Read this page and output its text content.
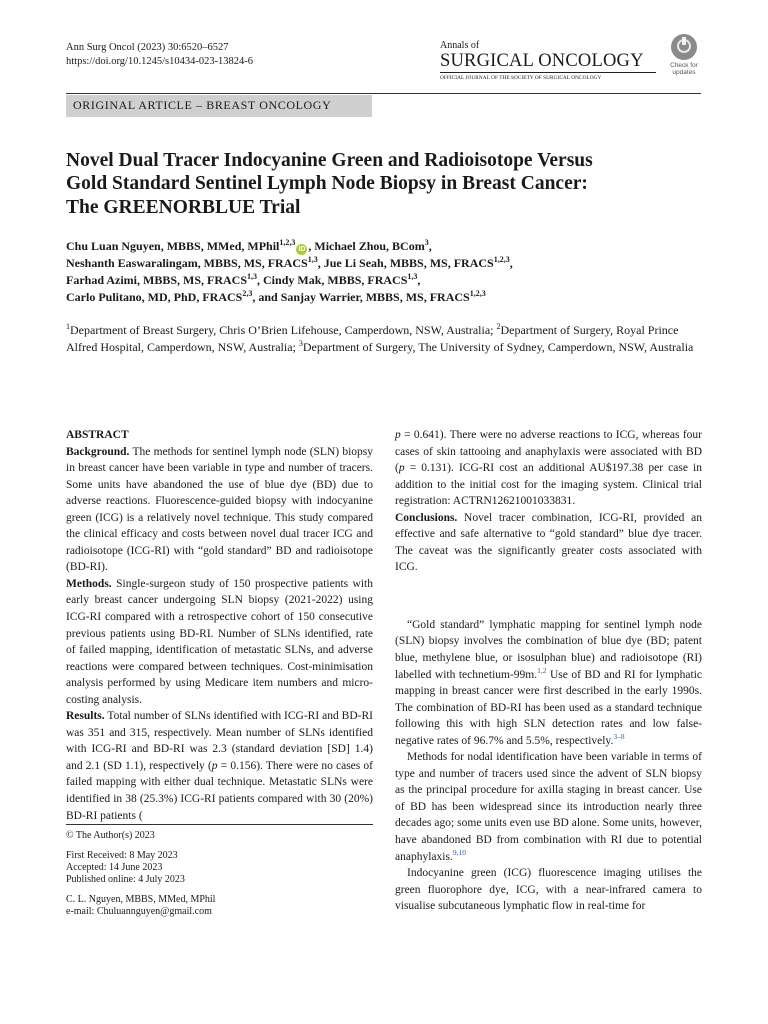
Ann Surg Oncol (2023) 30:6520–6527
https://doi.org/10.1245/s10434-023-13824-6
Annals of
SURGICAL ONCOLOGY
OFFICIAL JOURNAL OF THE SOCIETY OF SURGICAL ONCOLOGY
Check for
updates
ORIGINAL ARTICLE – BREAST ONCOLOGY
Novel Dual Tracer Indocyanine Green and Radioisotope Versus
Gold Standard Sentinel Lymph Node Biopsy in Breast Cancer:
The GREENORBLUE Trial
Chu Luan Nguyen, MBBS, MMed, MPhil$^{1,2,3}$iD , Michael Zhou, BCom$^3$,
Neshanth Easwaralingam, MBBS, MS, FRACS$^{1,3}$, Jue Li Seah, MBBS, MS, FRACS$^{1,2,3}$,
Farhad Azimi, MBBS, MS, FRACS$^{1,3}$, Cindy Mak, MBBS, FRACS$^{1,3}$,
Carlo Pulitano, MD, PhD, FRACS$^{2,3}$, and Sanjay Warrier, MBBS, MS, FRACS$^{1,2,3}$
$^1$Department of Breast Surgery, Chris O’Brien Lifehouse, Camperdown, NSW, Australia; $^2$Department of Surgery, Royal Prince Alfred Hospital, Camperdown, NSW, Australia; $^3$Department of Surgery, The University of Sydney, Camperdown, NSW, Australia
ABSTRACT

Background. The methods for sentinel lymph node (SLN) biopsy in breast cancer have been variable in type and number of tracers. Some units have abandoned the use of blue dye (BD) due to adverse reactions. Fluorescence-guided biopsy with indocyanine green (ICG) is a relatively novel technique. This study compared the clinical efficacy and costs between novel dual tracer ICG and radioisotope (ICG-RI) with “gold standard” BD and radioisotope (BD-RI).

Methods. Single-surgeon study of 150 prospective patients with early breast cancer undergoing SLN biopsy (2021-2022) using ICG-RI compared with a retrospective cohort of 150 consecutive previous patients using BD-RI. Number of SLNs identified, rate of failed mapping, identification of metastatic SLNs, and adverse reactions were compared between techniques. Cost-minimisation analysis performed by using Medicare item numbers and micro-costing analysis.

Results. Total number of SLNs identified with ICG-RI and BD-RI was 351 and 315, respectively. Mean number of SLNs identified with ICG-RI and BD-RI was 2.3 (standard deviation [SD] 1.4) and 2.1 (SD 1.1), respectively (p = 0.156). There were no cases of failed mapping with either dual technique. Metastatic SLNs were identified in 38 (25.3%) ICG-RI patients compared with 30 (20%) BD-RI patients (

p = 0.641). There were no adverse reactions to ICG, whereas four cases of skin tattooing and anaphylaxis were associated with BD (p = 0.131). ICG-RI cost an additional AU$197.38 per case in addition to the initial cost for the imaging system. Clinical trial registration: ACTRN12621001033831.

Conclusions. Novel tracer combination, ICG-RI, provided an effective and safe alternative to “gold standard” blue dye tracer. The caveat was the significantly greater costs associated with ICG.

“Gold standard” lymphatic mapping for sentinel lymph node (SLN) biopsy involves the combination of blue dye (BD; patent blue, methylene blue, or isosulphan blue) and radioisotope (RI) labelled with technetium-99m.$^{1,2}$ Use of BD and RI for lymphatic mapping in breast cancer were first described in the early 1990s. The combination of BD-RI has been used as a standard technique following this with high SLN detection rates and low false-negative rates of 96.7% and 5.5%, respectively.$^{3-8}$

Methods for nodal identification have been variable in terms of type and number of tracers used since the advent of SLN biopsy as the principal procedure for axilla staging in breast cancer. Use of BD has been widespread since its introduction nearly three decades ago; some units even use BD alone. Some units, however, have abandoned BD from combination with RI due to potential anaphylaxis.$^{9,10}$

Indocyanine green (ICG) fluorescence imaging utilises the green fluorophore dye, ICG, with a near-infrared camera to visualise subcutaneous lymphatic flow in real-time for

© The Author(s) 2023
First Received: 8 May 2023
Accepted: 14 June 2023
Published online: 4 July 2023
C. L. Nguyen, MBBS, MMed, MPhil
e-mail: Chuluannguyen@gmail.com
